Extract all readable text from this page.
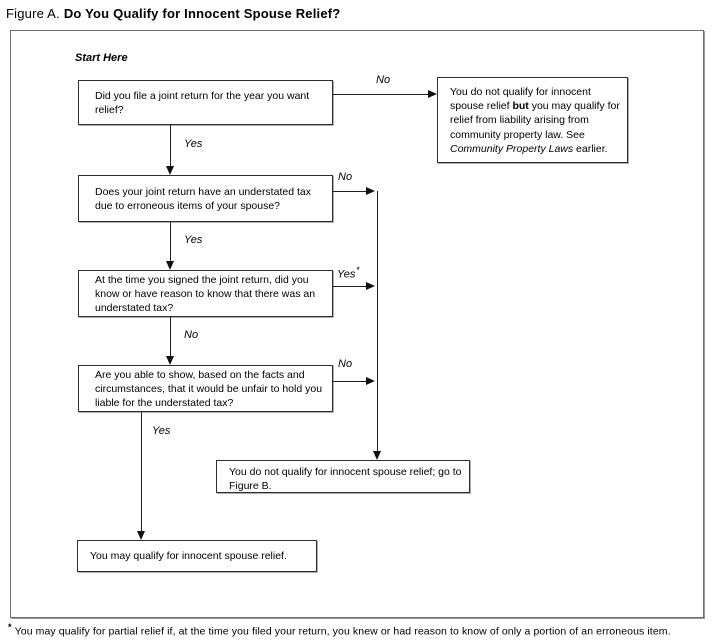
Figure A. Do You Qualify for Innocent Spouse Relief?
Start Here
Did you file a joint return for the year you want relief?
Does your joint return have an understated tax due to erroneous items of your spouse?
At the time you signed the joint return, did you know or have reason to know that there was an understated tax?
Are you able to show, based on the facts and circumstances, that it would be unfair to hold you liable for the understated tax?
You do not qualify for innocent spouse relief but you may qualify for relief from liability arising from community property law. See Community Property Laws earlier.
You do not qualify for innocent spouse relief; go to Figure B.
You may qualify for innocent spouse relief.
No
Yes
No
Yes
Yes*
No
No
Yes
* You may qualify for partial relief if, at the time you filed your return, you knew or had reason to know of only a portion of an erroneous item.
